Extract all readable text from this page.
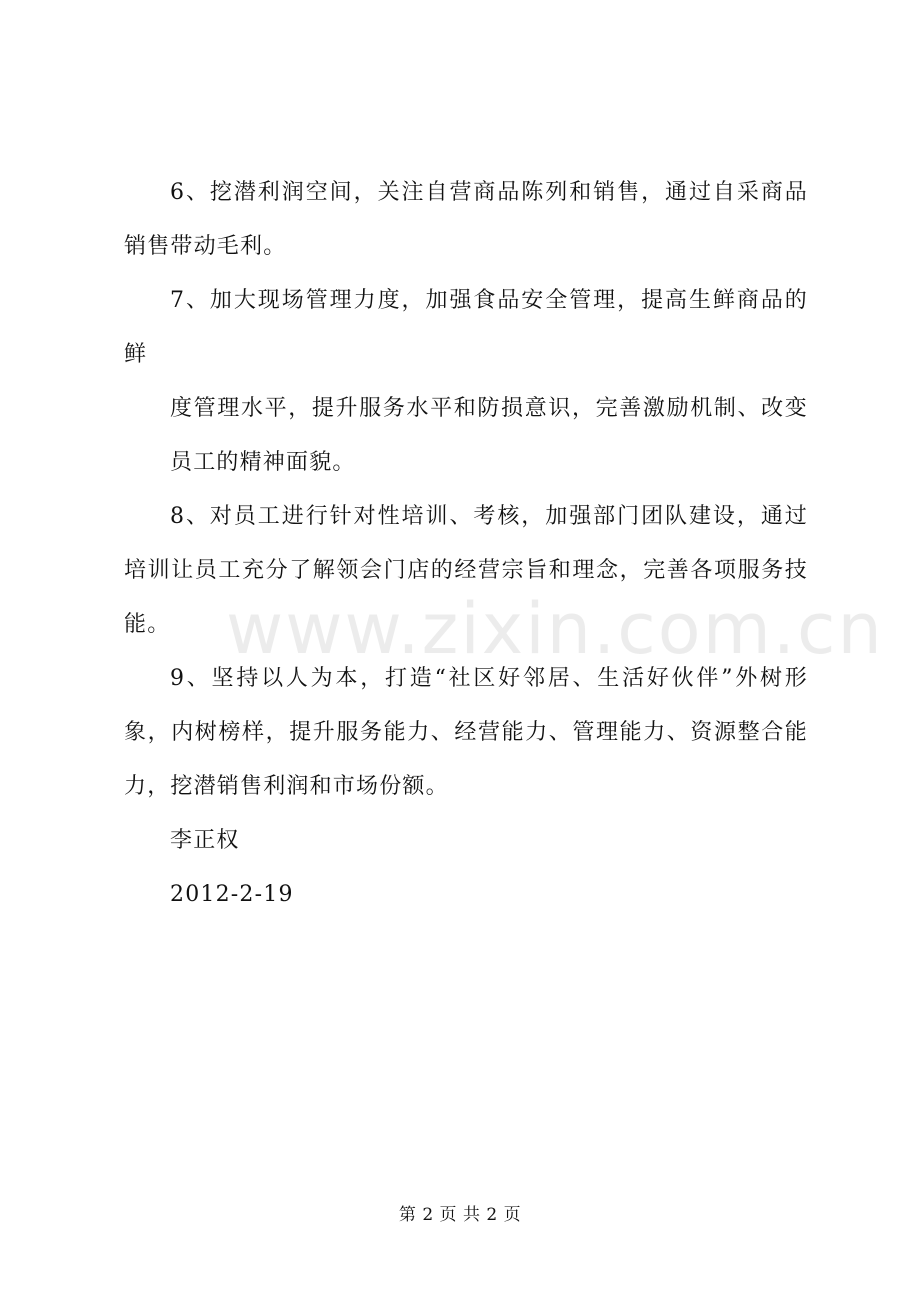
www.zixin.com.cn

6、挖潜利润空间，关注自营商品陈列和销售，通过自采商品销售带动毛利。

7、加大现场管理力度，加强食品安全管理，提高生鲜商品的鲜

度管理水平，提升服务水平和防损意识，完善激励机制、改变员工的精神面貌。

8、对员工进行针对性培训、考核，加强部门团队建设，通过培训让员工充分了解领会门店的经营宗旨和理念，完善各项服务技能。

9、坚持以人为本，打造“社区好邻居、生活好伙伴”外树形象，内树榜样，提升服务能力、经营能力、管理能力、资源整合能力，挖潜销售利润和市场份额。

李正权

2012-2-19

第 2 页 共 2 页
